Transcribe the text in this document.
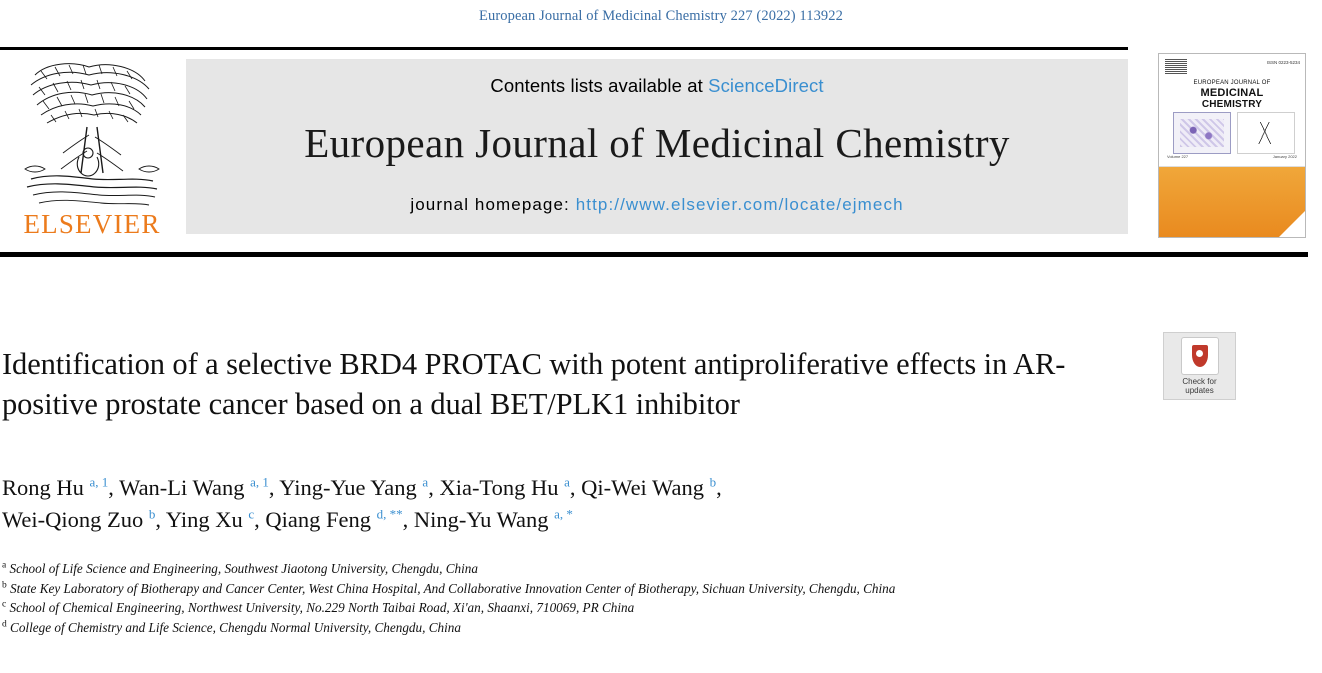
European Journal of Medicinal Chemistry 227 (2022) 113922
ELSEVIER
Contents lists available at ScienceDirect
European Journal of Medicinal Chemistry
journal homepage: http://www.elsevier.com/locate/ejmech
ISSN 0223-5234
EUROPEAN JOURNAL OF
MEDICINAL
CHEMISTRY
Volume 227	January 2022
Identification of a selective BRD4 PROTAC with potent antiproliferative effects in AR-positive prostate cancer based on a dual BET/PLK1 inhibitor
Check for
updates
Rong Hu $^{a, 1}$, Wan-Li Wang $^{a, 1}$, Ying-Yue Yang $^a$, Xia-Tong Hu $^a$, Qi-Wei Wang $^b$,
Wei-Qiong Zuo $^b$, Ying Xu $^c$, Qiang Feng $^{d, **}$, Ning-Yu Wang $^{a, *}$
$^a$ School of Life Science and Engineering, Southwest Jiaotong University, Chengdu, China
$^b$ State Key Laboratory of Biotherapy and Cancer Center, West China Hospital, And Collaborative Innovation Center of Biotherapy, Sichuan University, Chengdu, China
$^c$ School of Chemical Engineering, Northwest University, No.229 North Taibai Road, Xi'an, Shaanxi, 710069, PR China
$^d$ College of Chemistry and Life Science, Chengdu Normal University, Chengdu, China
